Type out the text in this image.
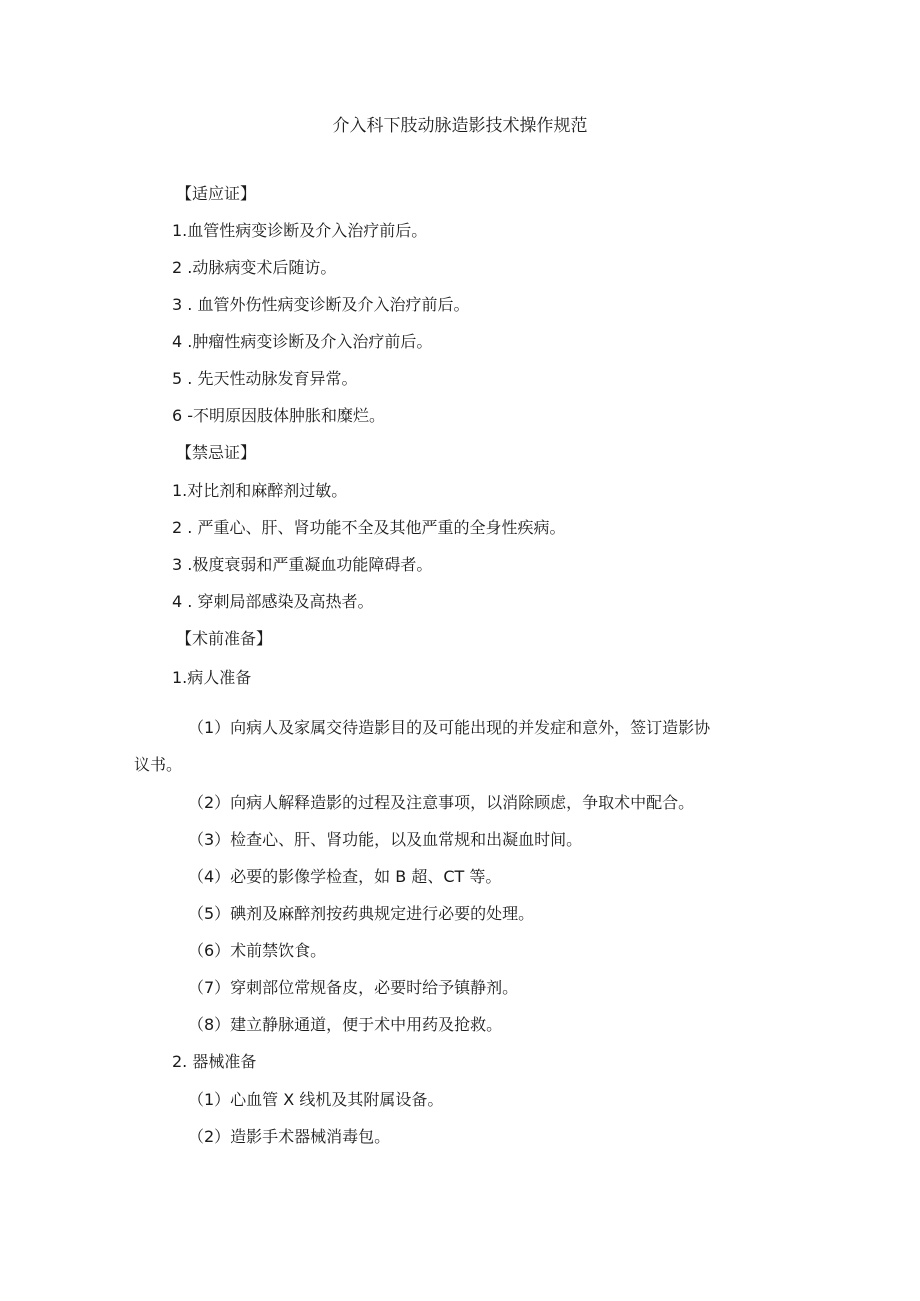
介入科下肢动脉造影技术操作规范
【适应证】
1.血管性病变诊断及介入治疗前后。
2 .动脉病变术后随访。
3 . 血管外伤性病变诊断及介入治疗前后。
4 .肿瘤性病变诊断及介入治疗前后。
5 . 先天性动脉发育异常。
6 -不明原因肢体肿胀和糜烂。
【禁忌证】
1.对比剂和麻醉剂过敏。
2 . 严重心、肝、肾功能不全及其他严重的全身性疾病。
3 .极度衰弱和严重凝血功能障碍者。
4 . 穿刺局部感染及高热者。
【术前准备】
1.病人准备
（1）向病人及家属交待造影目的及可能出现的并发症和意外，签订造影协
议书。
（2）向病人解释造影的过程及注意事项，以消除顾虑，争取术中配合。
（3）检查心、肝、肾功能，以及血常规和出凝血时间。
（4）必要的影像学检查，如 B 超、CT 等。
（5）碘剂及麻醉剂按药典规定进行必要的处理。
（6）术前禁饮食。
（7）穿刺部位常规备皮，必要时给予镇静剂。
（8）建立静脉通道，便于术中用药及抢救。
2. 器械准备
（1）心血管 X 线机及其附属设备。
（2）造影手术器械消毒包。
